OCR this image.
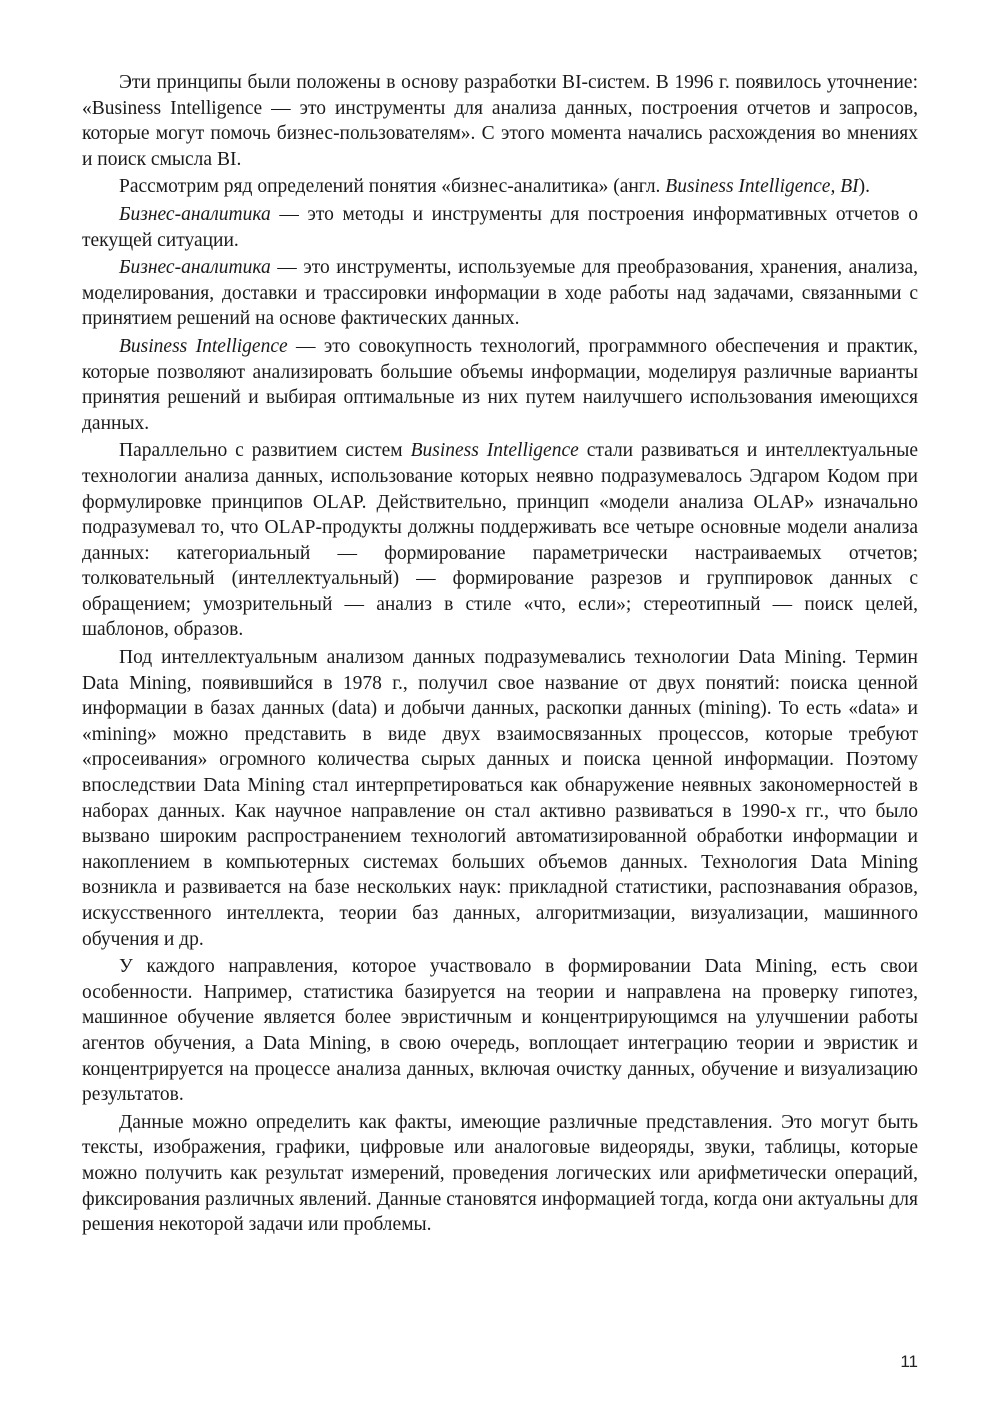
Эти принципы были положены в основу разработки BI-систем. В 1996 г. появилось уточнение: «Business Intelligence — это инструменты для анализа данных, построения отчетов и запросов, которые могут помочь бизнес-пользователям». С этого момента начались расхождения во мнениях и поиск смысла BI.

Рассмотрим ряд определений понятия «бизнес-аналитика» (англ. Business Intelligence, BI).

Бизнес-аналитика — это методы и инструменты для построения информативных отчетов о текущей ситуации.

Бизнес-аналитика — это инструменты, используемые для преобразования, хранения, анализа, моделирования, доставки и трассировки информации в ходе работы над задачами, связанными с принятием решений на основе фактических данных.

Business Intelligence — это совокупность технологий, программного обеспечения и практик, которые позволяют анализировать большие объемы информации, моделируя различные варианты принятия решений и выбирая оптимальные из них путем наилучшего использования имеющихся данных.

Параллельно с развитием систем Business Intelligence стали развиваться и интеллектуальные технологии анализа данных, использование которых неявно подразумевалось Эдгаром Кодом при формулировке принципов OLAP. Действительно, принцип «модели анализа OLAP» изначально подразумевал то, что OLAP-продукты должны поддерживать все четыре основные модели анализа данных: категориальный — формирование параметрически настраиваемых отчетов; толковательный (интеллектуальный) — формирование разрезов и группировок данных с обращением; умозрительный — анализ в стиле «что, если»; стереотипный — поиск целей, шаблонов, образов.

Под интеллектуальным анализом данных подразумевались технологии Data Mining. Термин Data Mining, появившийся в 1978 г., получил свое название от двух понятий: поиска ценной информации в базах данных (data) и добычи данных, раскопки данных (mining). То есть «data» и «mining» можно представить в виде двух взаимосвязанных процессов, которые требуют «просеивания» огромного количества сырых данных и поиска ценной информации. Поэтому впоследствии Data Mining стал интерпретироваться как обнаружение неявных закономерностей в наборах данных. Как научное направление он стал активно развиваться в 1990-х гг., что было вызвано широким распространением технологий автоматизированной обработки информации и накоплением в компьютерных системах больших объемов данных. Технология Data Mining возникла и развивается на базе нескольких наук: прикладной статистики, распознавания образов, искусственного интеллекта, теории баз данных, алгоритмизации, визуализации, машинного обучения и др.

У каждого направления, которое участвовало в формировании Data Mining, есть свои особенности. Например, статистика базируется на теории и направлена на проверку гипотез, машинное обучение является более эвристичным и концентрирующимся на улучшении работы агентов обучения, а Data Mining, в свою очередь, воплощает интеграцию теории и эвристик и концентрируется на процессе анализа данных, включая очистку данных, обучение и визуализацию результатов.

Данные можно определить как факты, имеющие различные представления. Это могут быть тексты, изображения, графики, цифровые или аналоговые видеоряды, звуки, таблицы, которые можно получить как результат измерений, проведения логических или арифметически операций, фиксирования различных явлений. Данные становятся информацией тогда, когда они актуальны для решения некоторой задачи или проблемы.

11
